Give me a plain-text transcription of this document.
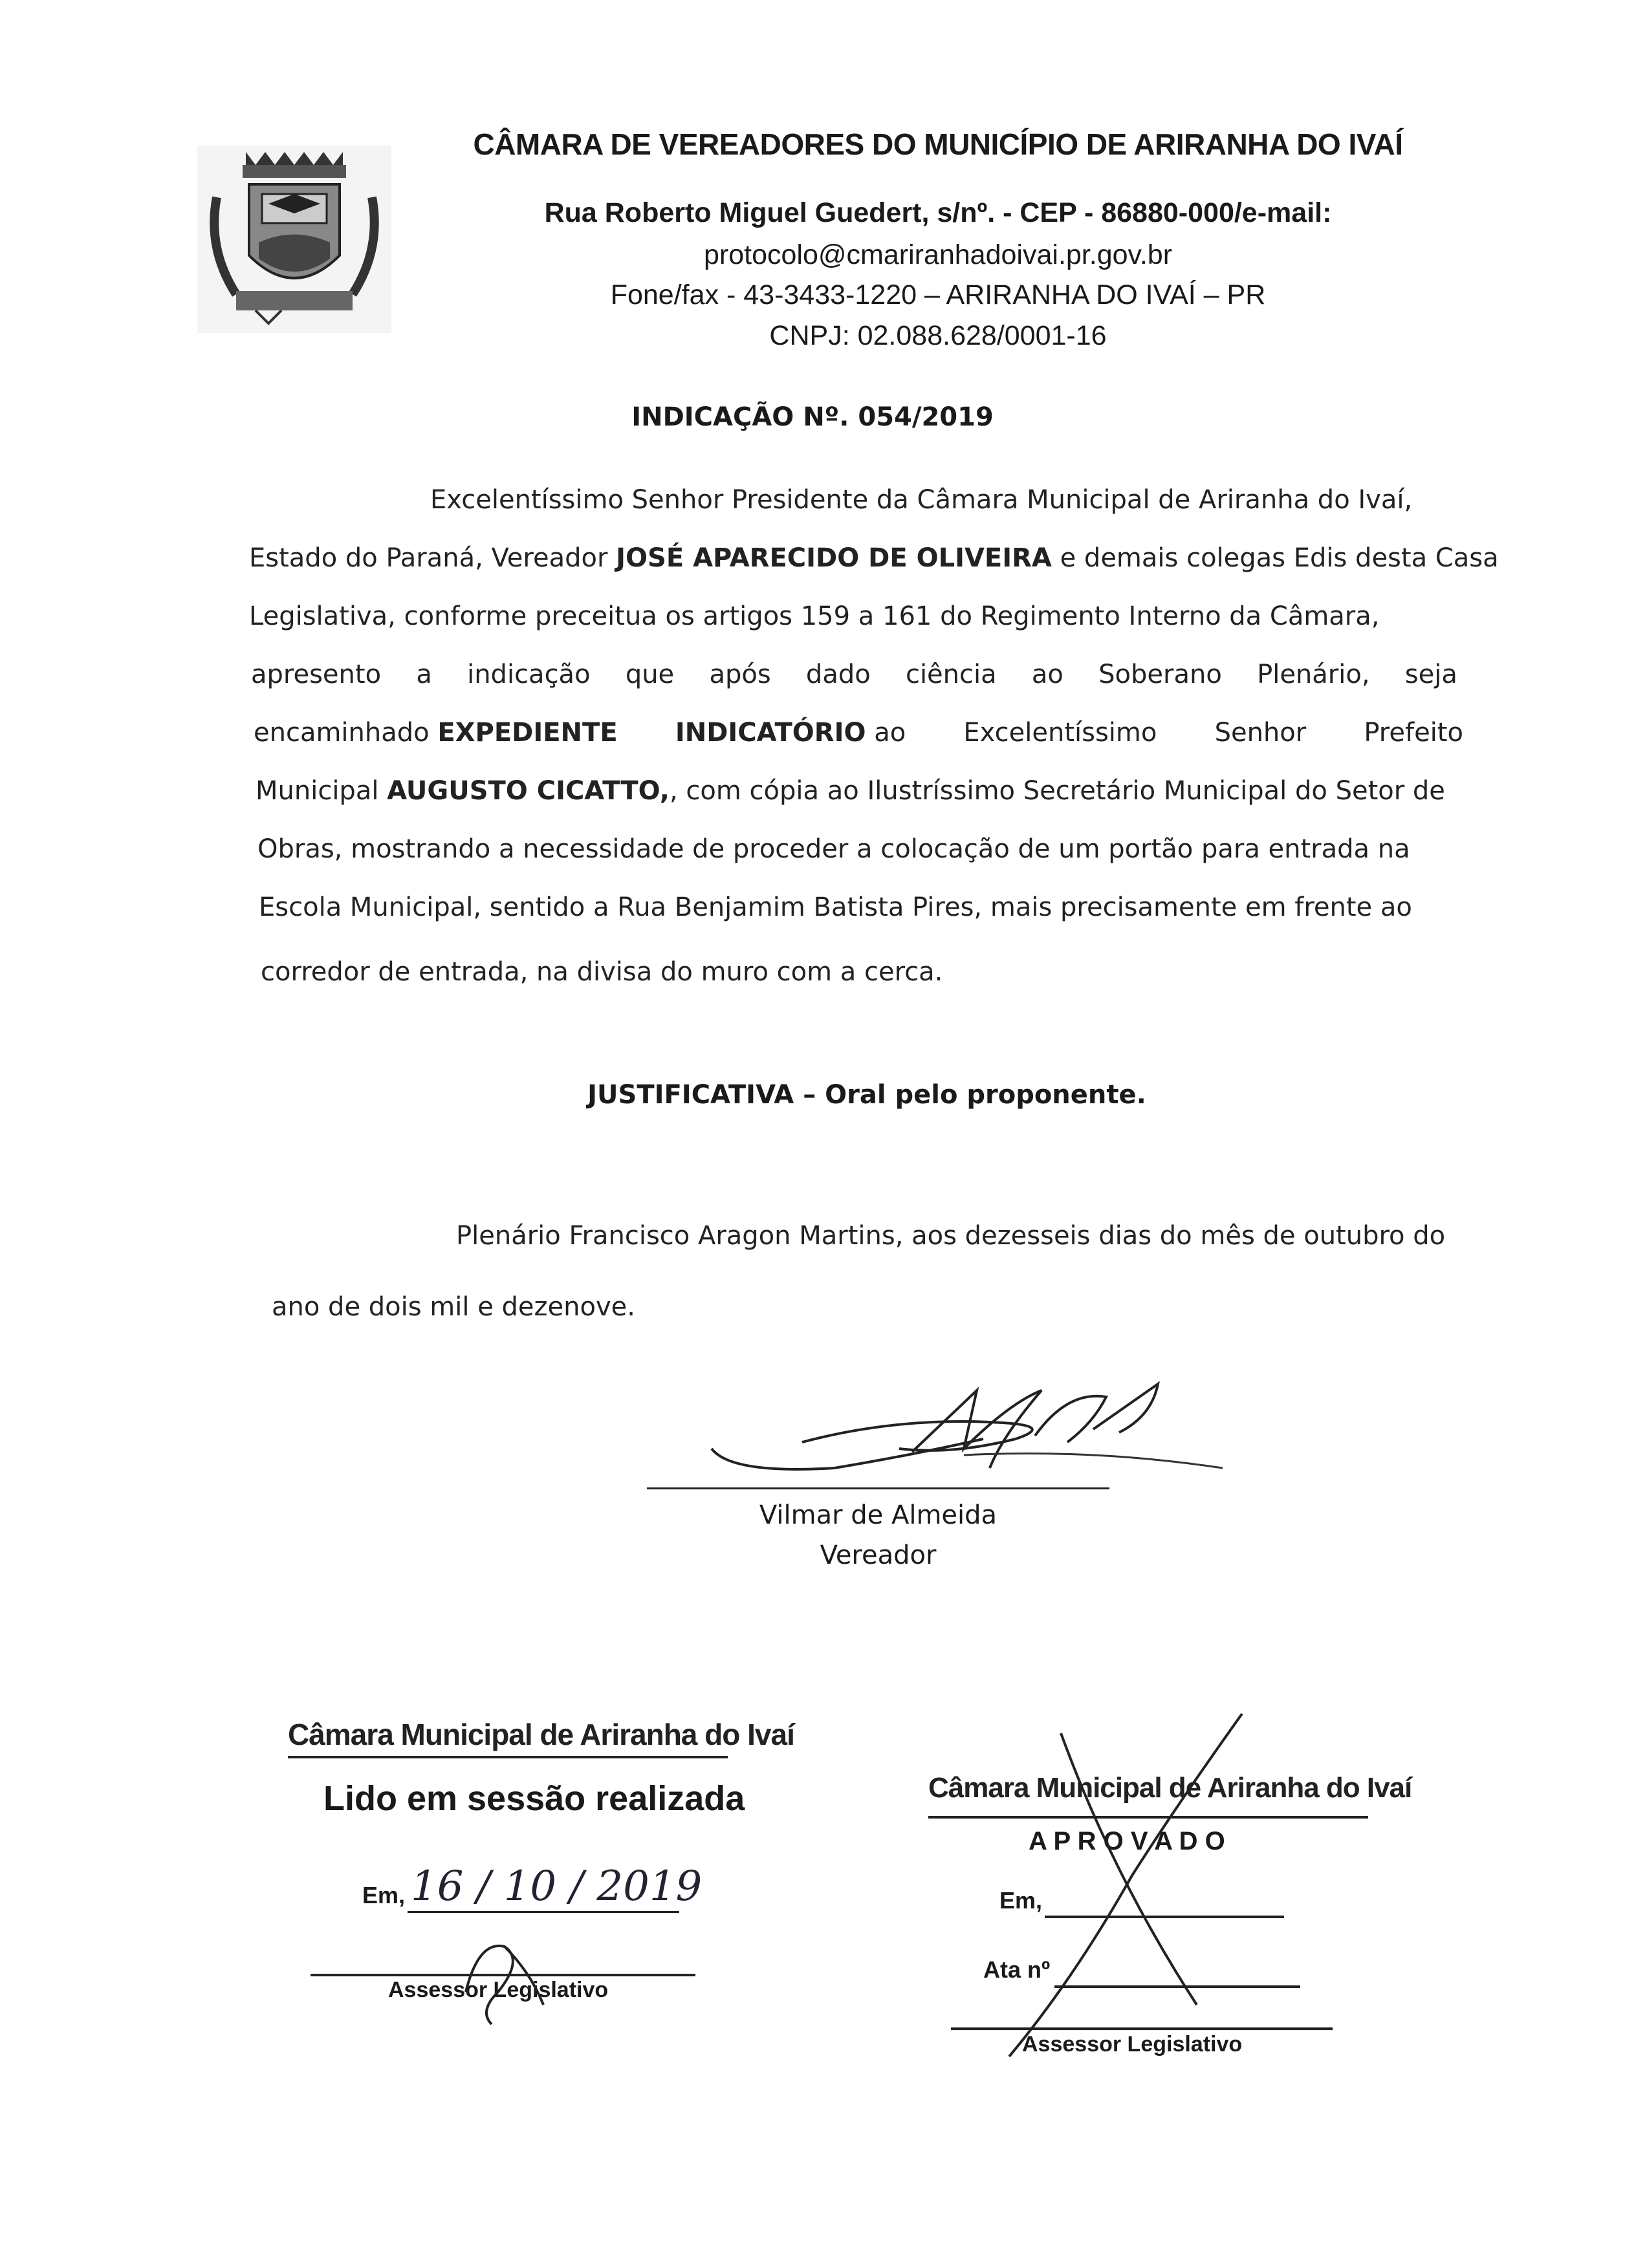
CÂMARA DE VEREADORES DO MUNICÍPIO DE ARIRANHA DO IVAÍ
Rua Roberto Miguel Guedert, s/nº. - CEP - 86880-000/e-mail:
protocolo@cmariranhadoivai.pr.gov.br
Fone/fax - 43-3433-1220 – ARIRANHA DO IVAÍ – PR
CNPJ: 02.088.628/0001-16
INDICAÇÃO Nº. 054/2019
Excelentíssimo Senhor Presidente da Câmara Municipal de Ariranha do Ivaí,
Estado do Paraná, Vereador JOSÉ APARECIDO DE OLIVEIRA e demais colegas Edis desta Casa
Legislativa, conforme preceitua os artigos 159 a 161 do Regimento Interno da Câmara,
apresento a indicação que após dado ciência ao Soberano Plenário, seja
encaminhado EXPEDIENTE INDICATÓRIO ao Excelentíssimo Senhor Prefeito
Municipal AUGUSTO CICATTO,, com cópia ao Ilustríssimo Secretário Municipal do Setor de
Obras, mostrando a necessidade de proceder a colocação de um portão para entrada na
Escola Municipal, sentido a Rua Benjamim Batista Pires, mais precisamente em frente ao
corredor de entrada, na divisa do muro com a cerca.
JUSTIFICATIVA – Oral pelo proponente.
Plenário Francisco Aragon Martins, aos dezesseis dias do mês de outubro do
ano de dois mil e dezenove.
Vilmar de Almeida
Vereador
Câmara Municipal de Ariranha do Ivaí
Lido em sessão realizada
Em, 16 / 10 / 2019
Assessor Legislativo
Câmara Municipal de Ariranha do Ivaí
A P R O V A D O
Em,
Ata nº
Assessor Legislativo
